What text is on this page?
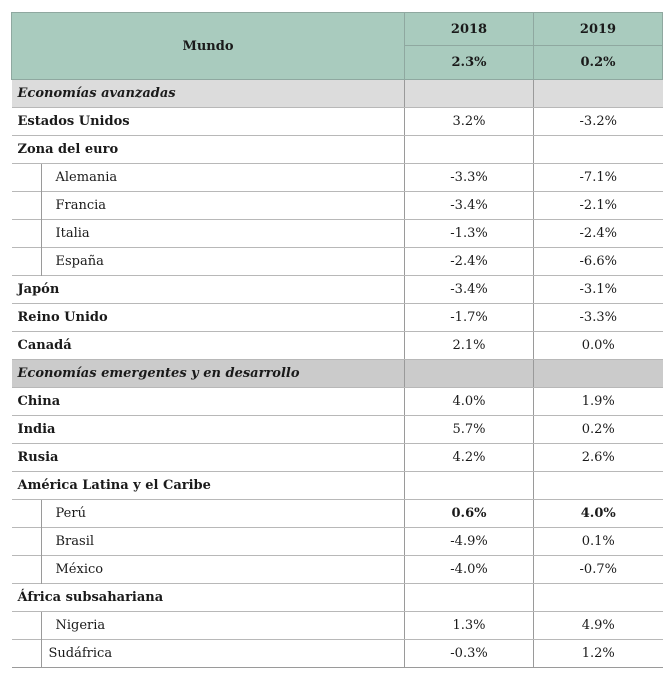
Mundo	2018	2019
	2.3%	0.2%
Economías avanzadas		
Estados Unidos	3.2%	-3.2%
Zona del euro		

Alemania	-3.3%	-7.1%

Francia	-3.4%	-2.1%

Italia	-1.3%	-2.4%

España	-2.4%	-6.6%
Japón	-3.4%	-3.1%
Reino Unido	-1.7%	-3.3%
Canadá	2.1%	0.0%
Economías emergentes y en desarrollo		
China	4.0%	1.9%
India	5.7%	0.2%
Rusia	4.2%	2.6%
América Latina y el Caribe		

Perú	0.6%	4.0%

Brasil	-4.9%	0.1%

México	-4.0%	-0.7%
África subsahariana		

Nigeria	1.3%	4.9%

Sudáfrica	-0.3%	1.2%
